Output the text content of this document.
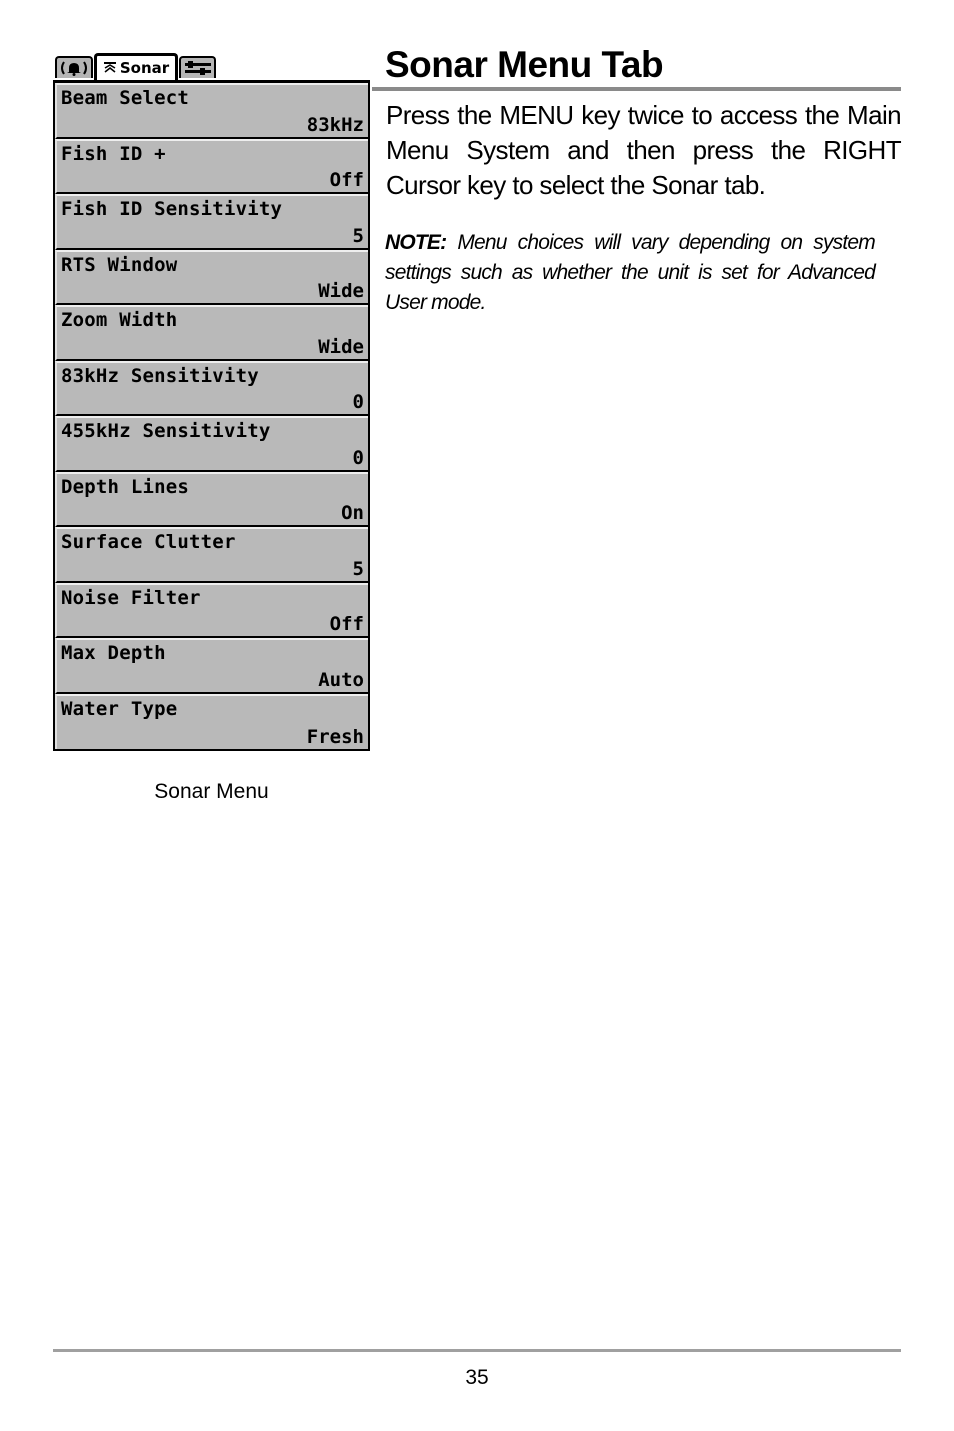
Sonar
Beam Select
83kHz
Fish ID +
Off
Fish ID Sensitivity
5
RTS Window
Wide
Zoom Width
Wide
83kHz Sensitivity
0
455kHz Sensitivity
0
Depth Lines
On
Surface Clutter
5
Noise Filter
Off
Max Depth
Auto
Water Type
Fresh
Sonar Menu
Sonar Menu Tab

Press the MENU key twice to access the Main Menu System and then press the RIGHT Cursor key to select the Sonar tab.

NOTE: Menu choices will vary depending on system settings such as whether the unit is set for Advanced User mode.

35
